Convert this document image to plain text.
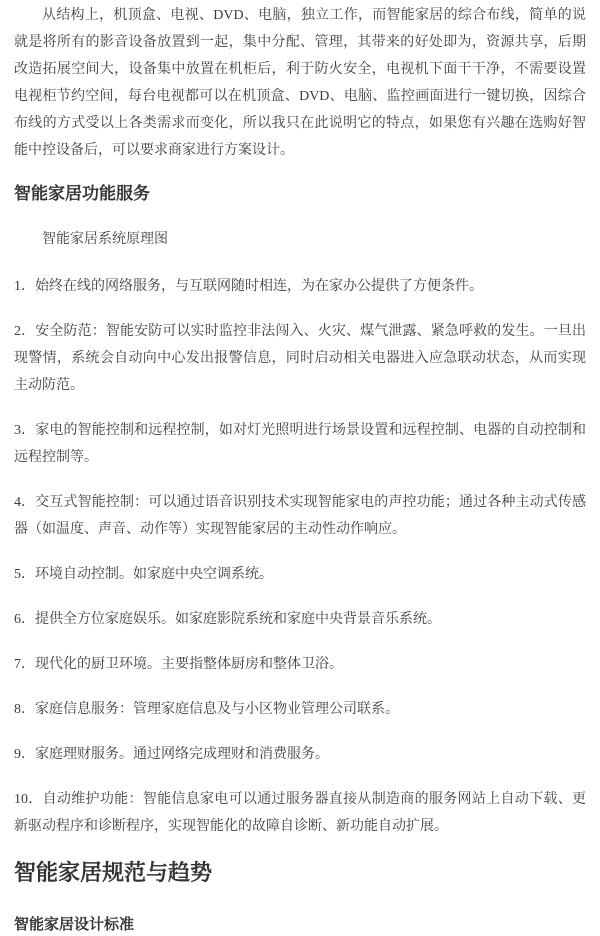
从结构上，机顶盒、电视、DVD、电脑，独立工作，而智能家居的综合布线，简单的说就是将所有的影音设备放置到一起，集中分配、管理，其带来的好处即为，资源共享，后期改造拓展空间大，设备集中放置在机柜后，利于防火安全，电视机下面干干净，不需要设置电视柜节约空间，每台电视都可以在机顶盒、DVD、电脑、监控画面进行一键切换，因综合布线的方式受以上各类需求而变化，所以我只在此说明它的特点，如果您有兴趣在选购好智能中控设备后，可以要求商家进行方案设计。

智能家居功能服务

智能家居系统原理图

1．始终在线的网络服务，与互联网随时相连，为在家办公提供了方便条件。

2．安全防范：智能安防可以实时监控非法闯入、火灾、煤气泄露、紧急呼救的发生。一旦出现警情，系统会自动向中心发出报警信息，同时启动相关电器进入应急联动状态，从而实现主动防范。

3．家电的智能控制和远程控制，如对灯光照明进行场景设置和远程控制、电器的自动控制和远程控制等。

4．交互式智能控制：可以通过语音识别技术实现智能家电的声控功能；通过各种主动式传感器（如温度、声音、动作等）实现智能家居的主动性动作响应。

5．环境自动控制。如家庭中央空调系统。

6．提供全方位家庭娱乐。如家庭影院系统和家庭中央背景音乐系统。

7．现代化的厨卫环境。主要指整体厨房和整体卫浴。

8．家庭信息服务：管理家庭信息及与小区物业管理公司联系。

9．家庭理财服务。通过网络完成理财和消费服务。

10．自动维护功能：智能信息家电可以通过服务器直接从制造商的服务网站上自动下载、更新驱动程序和诊断程序，实现智能化的故障自诊断、新功能自动扩展。

智能家居规范与趋势
智能家居设计标准
